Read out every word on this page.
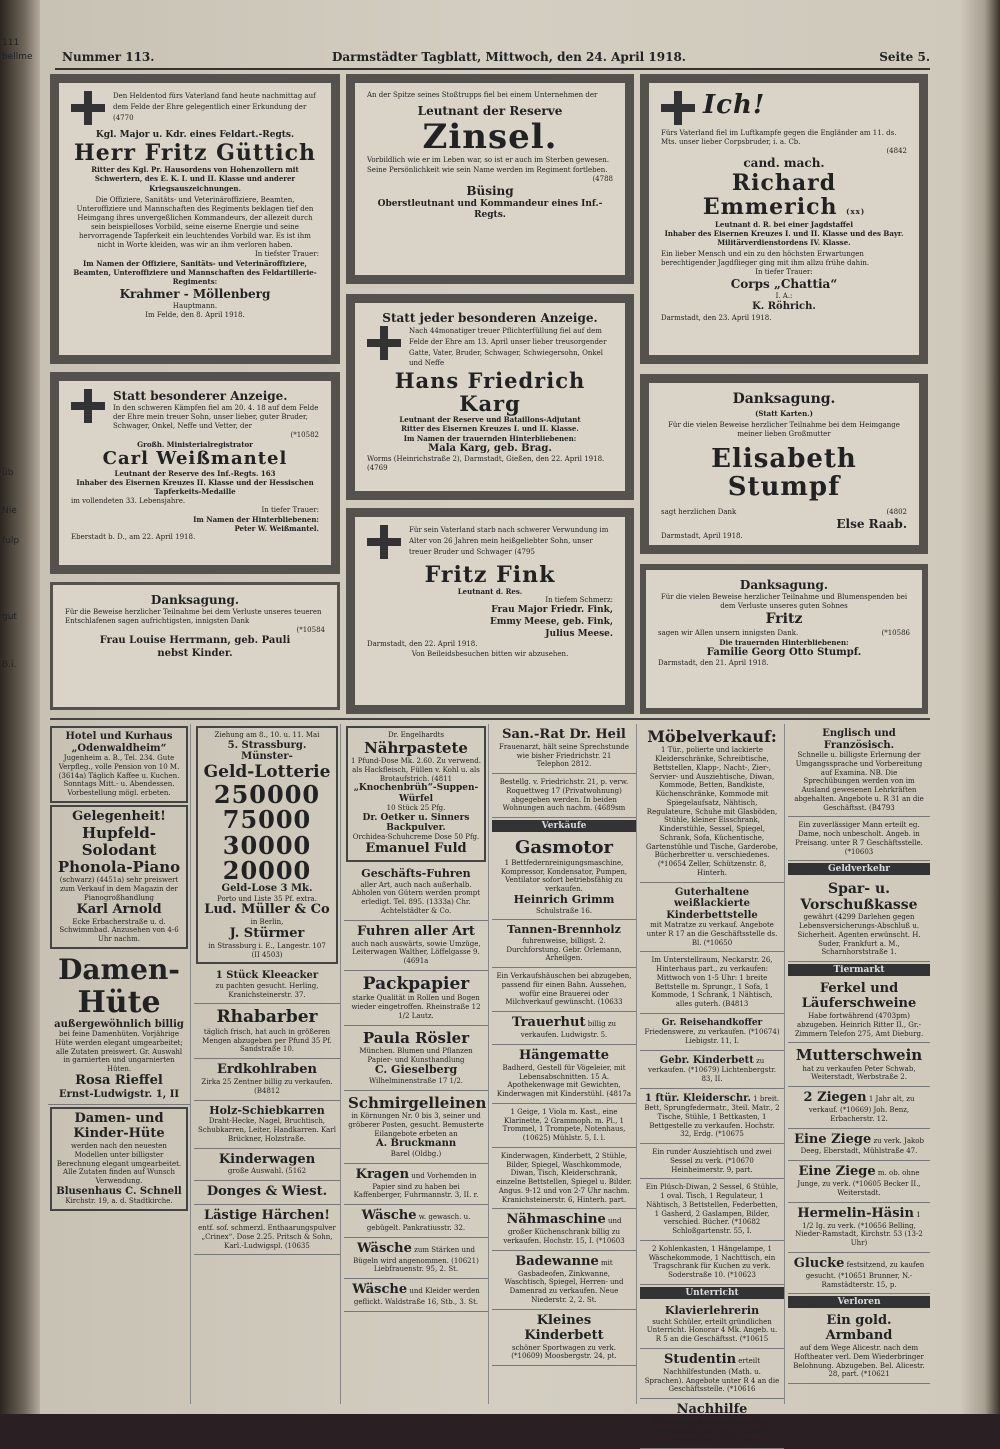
111
bellme
üb
Nie
fulp
gut
B.i.
Nummer 113.	Darmstädter Tagblatt, Mittwoch, den 24. April 1918.	Seite 5.
Den Heldentod fürs Vaterland fand heute nachmittag auf dem Felde der Ehre gelegentlich einer Erkundung der (4770
Kgl. Major u. Kdr. eines Feldart.-Regts.
Herr Fritz Güttich
Ritter des Kgl. Pr. Hausordens von Hohenzollern mit Schwertern, des E. K. I. und II. Klasse und anderer Kriegsauszeichnungen.
Die Offiziere, Sanitäts- und Veterinäroffiziere, Beamten, Unteroffiziere und Mannschaften des Regiments beklagen tief den Heimgang ihres unvergeßlichen Kommandeurs, der allezeit durch sein beispielloses Vorbild, seine eiserne Energie und seine hervorragende Tapferkeit ein leuchtendes Vorbild war. Es ist ihm nicht in Worte kleiden, was wir an ihm verloren haben.
In tiefster Trauer:
Im Namen der Offiziere, Sanitäts- und Veterinäroffiziere, Beamten, Unteroffiziere und Mannschaften des Feldartillerie-Regiments:
Krahmer - Möllenberg
Hauptmann.
Im Felde, den 8. April 1918.
An der Spitze seines Stoßtrupps fiel bei einem Unternehmen der
Leutnant der Reserve
Zinsel.
Vorbildlich wie er im Leben war, so ist er auch im Sterben gewesen.
Seine Persönlichkeit wie sein Name werden im Regiment fortleben.
(4788
Büsing
Oberstleutnant und Kommandeur eines Inf.-Regts.
Ich!
Fürs Vaterland fiel im Luftkampfe gegen die Engländer am 11. ds. Mts. unser lieber Corpsbruder, i. a. Cb.
(4842
cand. mach.
Richard Emmerich (xx)
Leutnant d. R. bei einer Jagdstaffel
Inhaber des Eisernen Kreuzes I. und II. Klasse und des Bayr. Militärverdienstordens IV. Klasse.
Ein lieber Mensch und ein zu den höchsten Erwartungen berechtigender Jagdflieger ging mit ihm allzu frühe dahin.
In tiefer Trauer:
Corps „Chattia“
I. A.:
K. Röhrich.
Darmstadt, den 23. April 1918.
Statt besonderer Anzeige.
In den schweren Kämpfen fiel am 20. 4. 18 auf dem Felde der Ehre mein treuer Sohn, unser lieber, guter Bruder, Schwager, Onkel, Neffe und Vetter, der
(*10582
Großh. Ministerialregistrator
Carl Weißmantel
Leutnant der Reserve des Inf.-Regts. 163
Inhaber des Eisernen Kreuzes II. Klasse und der Hessischen Tapferkeits-Medaille
im vollendeten 33. Lebensjahre.
In tiefer Trauer:
Im Namen der Hinterbliebenen:
Peter W. Weißmantel.
Eberstadt b. D., am 22. April 1918.
Statt jeder besonderen Anzeige.
Nach 44monatiger treuer Pflichterfüllung fiel auf dem Felde der Ehre am 13. April unser lieber treusorgender Gatte, Vater, Bruder, Schwager, Schwiegersohn, Onkel und Neffe
Hans Friedrich Karg
Leutnant der Reserve und Bataillons-Adjutant
Ritter des Eisernen Kreuzes I. und II. Klasse.
Im Namen der trauernden Hinterbliebenen:
Mala Karg, geb. Brag.
Worms (Heinrichstraße 2), Darmstadt, Gießen, den 22. April 1918. (4769
Danksagung.
(Statt Karten.)
Für die vielen Beweise herzlicher Teilnahme bei dem Heimgange meiner lieben Großmutter
Elisabeth Stumpf
sagt herzlichen Dank	(4802
Else Raab.
Darmstadt, April 1918.
Für sein Vaterland starb nach schwerer Verwundung im Alter von 26 Jahren mein heißgeliebter Sohn, unser treuer Bruder und Schwager (4795
Fritz Fink
Leutnant d. Res.
In tiefem Schmerz:
Frau Major Friedr. Fink,
Emmy Meese, geb. Fink,
Julius Meese.
Darmstadt, den 22. April 1918.
Von Beileidsbesuchen bitten wir abzusehen.
Danksagung.
Für die Beweise herzlicher Teilnahme bei dem Verluste unseres teueren Entschlafenen sagen aufrichtigsten, innigsten Dank
(*10584
Frau Louise Herrmann, geb. Pauli
nebst Kinder.
Danksagung.
Für die vielen Beweise herzlicher Teilnahme und Blumenspenden bei dem Verluste unseres guten Sohnes
Fritz
sagen wir Allen unsern innigsten Dank.	(*10586
Die trauernden Hinterbliebenen:
Familie Georg Otto Stumpf.
Darmstadt, den 21. April 1918.
Hotel und Kurhaus
„Odenwaldheim“
Jugenheim a. B., Tel. 234. Gute Verpfleg., volle Pension von 10 M. (3614a) Täglich Kaffee u. Kuchen. Sonntags Mitt.- u. Abendessen. Vorbestellung mögl. erbeten.
Gelegenheit!
Hupfeld-Solodant Phonola-Piano
(schwarz) (4451a) sehr preiswert zum Verkauf in dem Magazin der Pianogroßhandlung
Karl Arnold
Ecke Erbacherstraße u. d. Schwimmbad. Anzusehen von 4-6 Uhr nachm.
Damen-
Hüte
außergewöhnlich billig
bei feine Damenhüten. Vorjährige Hüte werden elegant umgearbeitet; alle Zutaten preiswert. Gr. Auswahl in garnierten und ungarnierten Hüten.
Rosa Rieffel
Ernst-Ludwigstr. 1, II
Damen- und Kinder-Hüte
werden nach den neuesten Modellen unter billigster Berechnung elegant umgearbeitet. Alle Zutaten finden auf Wunsch Verwendung.
Blusenhaus C. Schnell
Kirchstr. 19, a. d. Stadtkirche.
Ziehung am 8., 10. u. 11. Mai
5. Strassburg. Münster-
Geld-Lotterie
250000
75000
30000
20000
Geld-Lose 3 Mk.
Porto und Liste 35 Pf. extra.
Lud. Müller & Co
in Berlin,
J. Stürmer
in Strassburg i. E., Langestr. 107
(II 4503)
1 Stück Kleeacker
zu pachten gesucht. Herling, Kranichsteinerstr. 37.
Rhabarber
täglich frisch, hat auch in größeren Mengen abzugeben per Pfund 35 Pf. Sandstraße 10.
Erdkohlraben
Zirka 25 Zentner billig zu verkaufen. (B4812
Holz-Schiebkarren
Draht-Hecke, Nagel, Bruchtisch, Schubkarren, Leiter, Handkarren. Karl Brückner, Holzstraße.
Kinderwagen
große Auswahl. (5162
Donges & Wiest.
Lästige Härchen!
entf. sof. schmerzl. Enthaarungspulver „Crinex“. Dose 2.25. Pritsch & Sohn, Karl.-Ludwigspl. (10635
Dr. Engelhardts
Nährpastete
1 Pfund-Dose Mk. 2.60. Zu verwend. als Hackfleisch, Füllen v. Kohl u. als Brotaufstrich. (4811
„Knochenbrüh“-Suppen-Würfel
10 Stück 25 Pfg.
Dr. Oetker u. Sinners Backpulver.
Orchidea-Schuhcreme Dose 50 Pfg.
Emanuel Fuld
Geschäfts-Fuhren
aller Art, auch nach außerhalb. Abholen von Gütern werden prompt erledigt. Tel. 895. (1333a) Chr. Achtelstädter & Co.
Fuhren aller Art
auch nach auswärts, sowie Umzüge, Leiterwagen Walther, Löffelgasse 9. (4691a
Packpapier
starke Qualität in Rollen und Bogen wieder eingetroffen. Rheinstraße 12 1/2 Lautz.
Paula Rösler
München. Blumen und Pflanzen Papier- und Kunsthandlung
C. Gieselberg
Wilhelminenstraße 17 1/2.
Schmirgelleinen
in Körnungen Nr. 0 bis 3, seiner und gröberer Posten, gesucht. Bemusterte Eilangebote erbeten an
A. Bruckmann
Barel (Oldbg.)
Kragen und Vorhemden in Papier sind zu haben bei Kaffenberger, Fuhrmannstr. 3, II. r.
Wäsche w. gewasch. u. gebügelt. Pankratiusstr. 32.
Wäsche zum Stärken und Bügeln wird angenommen. (10621) Liebfrauenstr. 95, 2. St.
Wäsche und Kleider werden geflickt. Waldstraße 16, Stb., 3. St.
San.-Rat Dr. Heil
Frauenarzt, hält seine Sprechstunde wie bisher Friedrichstr. 21
Telephon 2812.
Bestellg. v. Friedrichstr. 21, p. verw. Roquettweg 17 (Privatwohnung) abgegeben werden. In beiden Wohnungen auch nachm. (4689sm
Verkäufe
Gasmotor
1 Bettfedernreinigungsmaschine, Kompressor, Kondensator, Pumpen, Ventilator sofort betriebsfähig zu verkaufen.
Heinrich Grimm
Schulstraße 16.
Tannen-Brennholz
fuhrenweise, billigst. 2. Durchforstung. Gebr. Orlemann, Arheilgen.
Ein Verkaufshäuschen bei abzugeben, passend für einen Bahn. Aussehen, wofür eine Brauerei oder Milchverkauf gewünscht. (10633
Trauerhut billig zu verkaufen. Ludwigstr. 5.
Hängematte
Badherd, Gestell für Vögeleier, mit Lebensabschnitten. 15 A. Apothekenwage mit Gewichten, Kinderwagen mit Kinderstühl. (4817a
1 Geige, 1 Viola m. Kast., eine Klarinette, 2 Grammoph. m. Pl., 1 Trommel, 1 Trompete, Notenhaus, (10625) Mühlstr. 5, I. l.
Kinderwagen, Kinderbett, 2 Stühle, Bilder, Spiegel, Waschkommode, Diwan, Tisch, Kleiderschrank, einzelne Bettstellen, Spiegel u. Bilder. Angus. 9-12 und von 2-7 Uhr nachm. Kranichsteinerstr. 6, Hinterh. part.
Nähmaschine und großer Küchenschrank billig zu verkaufen. Hochstr. 15, I. (*10603
Badewanne mit Gasbadeofen, Zinkwanne, Waschtisch, Spiegel, Herren- und Damenrad zu verkaufen. Neue Niederstr. 2, 2. St.
Kleines Kinderbett
schöner Sportwagen zu verk. (*10609) Moosbergstr. 24, pt.
Möbelverkauf:
1 Tür., polierte und lackierte Kleiderschränke, Schreibtische, Bettstellen, Klapp-, Nacht-, Zier-, Servier- und Ausziehtische, Diwan, Kommode, Betten, Bandkiste, Küchenschränke, Kommode mit Spiegelaufsatz, Nähtisch, Regulateure, Schuhe mit Glasböden, Stühle, kleiner Eisschrank, Kinderstühle, Sessel, Spiegel, Schrank, Sofa, Küchentische, Gartenstühle und Tische, Garderobe, Bücherbretter u. verschiedenes. (*10654 Zeller, Schützenstr. 8, Hinterh.
Guterhaltene weißlackierte Kinderbettstelle
mit Matratze zu verkauf. Angebote unter R 17 an die Geschäftsstelle ds. Bl. (*10650
Im Unterstellraum, Neckarstr. 26, Hinterhaus part., zu verkaufen: Mittwoch von 1-5 Uhr: 1 breite Bettstelle m. Sprungr., 1 Sofa, 1 Kommode, 1 Schrank, 1 Nähtisch, alles guterh. (B4813
Gr. Reisehandkoffer Friedenswere, zu verkaufen. (*10674) Liebigstr. 11, I.
Gebr. Kinderbett zu verkaufen. (*10679) Lichtenbergstr. 83, II.
1 ftür. Kleiderschr. 1 breit. Bett, Sprungfedermatr., 3teil. Matr., 2 Tische, Stühle, 1 Bettkasten, 1 Bettgestelle zu verkaufen. Hochstr. 32, Erdg. (*10675
Ein runder Ausziehtisch und zwei Sessel zu verk. (*10670 Heinheimerstr. 9, part.
Ein Plüsch-Diwan, 2 Sessel, 6 Stühle, 1 oval. Tisch, 1 Regulateur, 1 Nähtisch, 3 Bettstellen, Federbetten, 1 Gasherd, 2 Gaslampen, Bilder, verschied. Bücher. (*10682 Schloßgartenstr. 55, I.
2 Kohlenkasten, 1 Hängelampe, 1 Wäschekommode, 1 Nachttisch, ein Tragschrank für Kuchen zu verk. Soderstraße 10. (*10623
Unterricht
Klavierlehrerin
sucht Schüler, erteilt gründlichen Unterricht. Honorar 4 Mk. Angeb. u. R 5 an die Geschäftsst. (*10615
Studentin erteilt Nachhilfestunden (Math. u. Sprachen). Angebote unter R 4 an die Geschäftsstelle. (*10616
Nachhilfe
in Mathematik erteilt Student der Mathematik. Ang. unt. P 70 an die Geschäftsst. (*10611sm
Englisch und Französisch.
Schnelle u. billigste Erlernung der Umgangssprache und Vorbereitung auf Examina. NB. Die Sprechübungen werden von im Ausland gewesenen Lehrkräften abgehalten. Angebote u. R 31 an die Geschäftsst. (B4793
Ein zuverlässiger Mann erteilt eg. Dame, noch unbescholt. Angeb. in Preisang. unter R 7 Geschäftsstelle. (*10603
Geldverkehr
Spar- u. Vorschußkasse
gewährt (4299 Darlehen gegen Lebensversicherungs-Abschluß u. Sicherheit. Agenten erwünscht. H. Suder, Frankfurt a. M., Scharnhorststraße 1.
Tiermarkt
Ferkel und Läuferschweine
Habe fortwährend (4703pm) abzugeben. Heinrich Ritter II., Gr.-Zimmern Telefon 275, Amt Dieburg.
Mutterschwein
hat zu verkaufen Peter Schwab, Weiterstadt, Werbstraße 2.
2 Ziegen 1 Jahr alt, zu verkauf. (*10669) Joh. Benz, Erbacherstr. 12.
Eine Ziege zu verk. Jakob Deeg, Eberstadt, Mühlstraße 47.
Eine Ziege m. ob. ohne Junge, zu verk. (*10605 Becker II., Weiterstadt.
Hermelin-Häsin 1 1/2 Ig. zu verk. (*10656 Belling, Nieder-Ramstadt, Kirchstr. 53 (13-2 Uhr)
Glucke festsitzend, zu kaufen gesucht. (*10651 Brunner, N.-Ramstädterstr. 15, p.
Verloren
Ein gold. Armband
auf dem Wege Alicestr. nach dem Hoftheater verl. Dem Wiederbringer Belohnung. Abzugeben. Bel. Alicestr. 28, part. (*10621
